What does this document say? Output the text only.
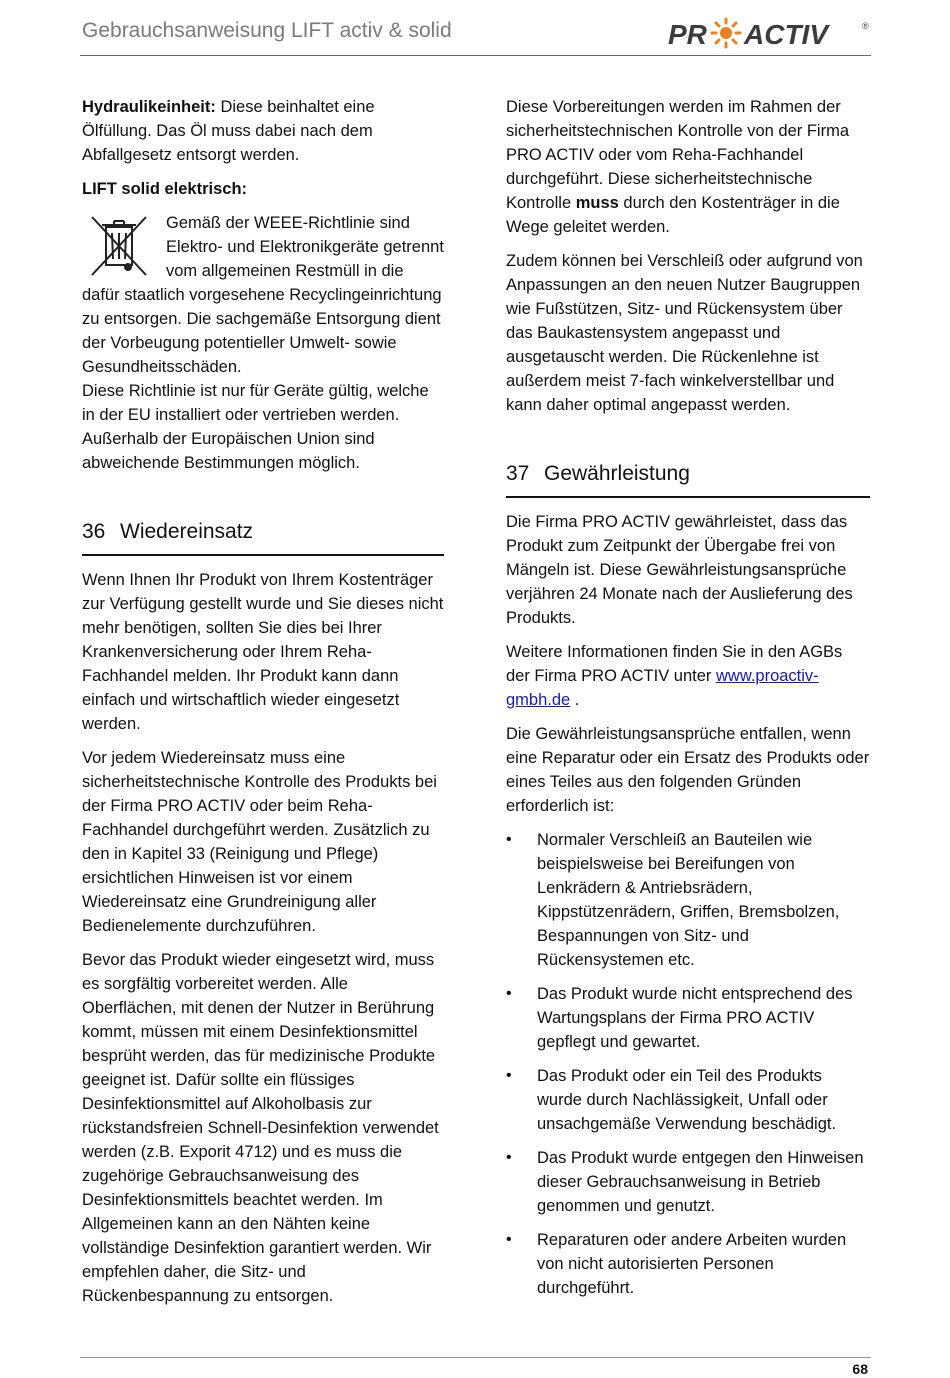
Gebrauchsanweisung LIFT activ & solid	PR ACTIV	®

Hydraulikeinheit: Diese beinhaltet eine Ölfüllung. Das Öl muss dabei nach dem Abfallgesetz entsorgt werden.

LIFT solid elektrisch:

Gemäß der WEEE-Richtlinie sind Elektro- und Elektronikgeräte getrennt vom allgemeinen Restmüll in die dafür staatlich vorgesehene Recyclingeinrichtung zu entsorgen. Die sachgemäße Entsorgung dient der Vorbeugung potentieller Umwelt- sowie Gesundheitsschäden.
Diese Richtlinie ist nur für Geräte gültig, welche in der EU installiert oder vertrieben werden. Außerhalb der Europäischen Union sind abweichende Bestimmungen möglich.
36 Wiedereinsatz

Wenn Ihnen Ihr Produkt von Ihrem Kostenträger zur Verfügung gestellt wurde und Sie dieses nicht mehr benötigen, sollten Sie dies bei Ihrer Krankenversicherung oder Ihrem Reha-Fachhandel melden. Ihr Produkt kann dann einfach und wirtschaftlich wieder eingesetzt werden.

Vor jedem Wiedereinsatz muss eine sicherheitstechnische Kontrolle des Produkts bei der Firma PRO ACTIV oder beim Reha-Fachhandel durchgeführt werden. Zusätzlich zu den in Kapitel 33 (Reinigung und Pflege) ersichtlichen Hinweisen ist vor einem Wiedereinsatz eine Grundreinigung aller Bedienelemente durchzuführen.

Bevor das Produkt wieder eingesetzt wird, muss es sorgfältig vorbereitet werden. Alle Oberflächen, mit denen der Nutzer in Berührung kommt, müssen mit einem Desinfektionsmittel besprüht werden, das für medizinische Produkte geeignet ist. Dafür sollte ein flüssiges Desinfektionsmittel auf Alkoholbasis zur rückstandsfreien Schnell-Desinfektion verwendet werden (z.B. Exporit 4712) und es muss die zugehörige Gebrauchsanweisung des Desinfektionsmittels beachtet werden. Im Allgemeinen kann an den Nähten keine vollständige Desinfektion garantiert werden. Wir empfehlen daher, die Sitz- und Rückenbespannung zu entsorgen.

Diese Vorbereitungen werden im Rahmen der sicherheitstechnischen Kontrolle von der Firma PRO ACTIV oder vom Reha-Fachhandel durchgeführt. Diese sicherheitstechnische Kontrolle muss durch den Kostenträger in die Wege geleitet werden.

Zudem können bei Verschleiß oder aufgrund von Anpassungen an den neuen Nutzer Baugruppen wie Fußstützen, Sitz- und Rückensystem über das Baukastensystem angepasst und ausgetauscht werden. Die Rückenlehne ist außerdem meist 7-fach winkelverstellbar und kann daher optimal angepasst werden.

37 Gewährleistung

Die Firma PRO ACTIV gewährleistet, dass das Produkt zum Zeitpunkt der Übergabe frei von Mängeln ist. Diese Gewährleistungsansprüche verjähren 24 Monate nach der Auslieferung des Produkts.

Weitere Informationen finden Sie in den AGBs der Firma PRO ACTIV unter www.proactiv-gmbh.de .

Die Gewährleistungsansprüche entfallen, wenn eine Reparatur oder ein Ersatz des Produkts oder eines Teiles aus den folgenden Gründen erforderlich ist:

• Normaler Verschleiß an Bauteilen wie beispielsweise bei Bereifungen von Lenkrädern & Antriebsrädern, Kippstützenrädern, Griffen, Bremsbolzen, Bespannungen von Sitz- und Rückensystemen etc.
• Das Produkt wurde nicht entsprechend des Wartungsplans der Firma PRO ACTIV gepflegt und gewartet.
• Das Produkt oder ein Teil des Produkts wurde durch Nachlässigkeit, Unfall oder unsachgemäße Verwendung beschädigt.
• Das Produkt wurde entgegen den Hinweisen dieser Gebrauchsanweisung in Betrieb genommen und genutzt.
• Reparaturen oder andere Arbeiten wurden von nicht autorisierten Personen durchgeführt.
68
